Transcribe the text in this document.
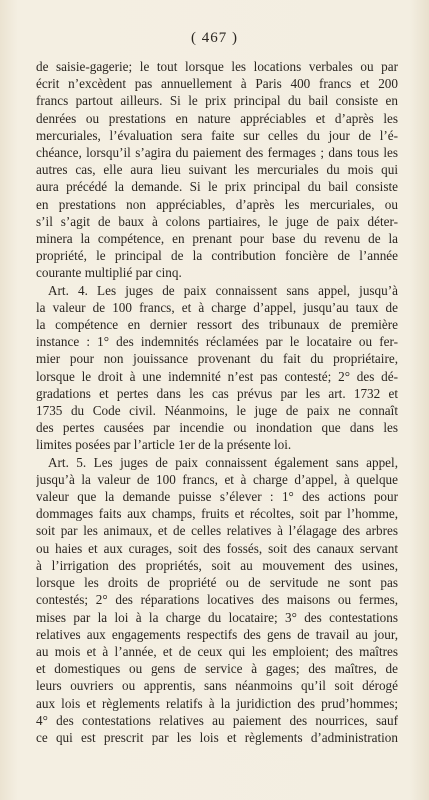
( 467 )
de saisie-gagerie; le tout lorsque les locations verbales ou par
écrit n’excèdent pas annuellement à Paris 400 francs et 200
francs partout ailleurs. Si le prix principal du bail consiste en
denrées ou prestations en nature appréciables et d’après les
mercuriales, l’évaluation sera faite sur celles du jour de l’é-
chéance, lorsqu’il s’agira du paiement des fermages ; dans tous les
autres cas, elle aura lieu suivant les mercuriales du mois qui
aura précédé la demande. Si le prix principal du bail consiste
en prestations non appréciables, d’après les mercuriales, ou
s’il s’agit de baux à colons partiaires, le juge de paix déter-
minera la compétence, en prenant pour base du revenu de la
propriété, le principal de la contribution foncière de l’année
courante multiplié par cinq.
Art. 4. Les juges de paix connaissent sans appel, jusqu’à
la valeur de 100 francs, et à charge d’appel, jusqu’au taux de
la compétence en dernier ressort des tribunaux de première
instance : 1° des indemnités réclamées par le locataire ou fer-
mier pour non jouissance provenant du fait du propriétaire,
lorsque le droit à une indemnité n’est pas contesté; 2° des dé-
gradations et pertes dans les cas prévus par les art. 1732 et
1735 du Code civil. Néanmoins, le juge de paix ne connaît
des pertes causées par incendie ou inondation que dans les
limites posées par l’article 1er de la présente loi.
Art. 5. Les juges de paix connaissent également sans appel,
jusqu’à la valeur de 100 francs, et à charge d’appel, à quelque
valeur que la demande puisse s’élever : 1° des actions pour
dommages faits aux champs, fruits et récoltes, soit par l’homme,
soit par les animaux, et de celles relatives à l’élagage des arbres
ou haies et aux curages, soit des fossés, soit des canaux servant
à l’irrigation des propriétés, soit au mouvement des usines,
lorsque les droits de propriété ou de servitude ne sont pas
contestés; 2° des réparations locatives des maisons ou fermes,
mises par la loi à la charge du locataire; 3° des contestations
relatives aux engagements respectifs des gens de travail au jour,
au mois et à l’année, et de ceux qui les emploient; des maîtres
et domestiques ou gens de service à gages; des maîtres, de
leurs ouvriers ou apprentis, sans néanmoins qu’il soit dérogé
aux lois et règlements relatifs à la juridiction des prud’hommes;
4° des contestations relatives au paiement des nourrices, sauf
ce qui est prescrit par les lois et règlements d’administration
